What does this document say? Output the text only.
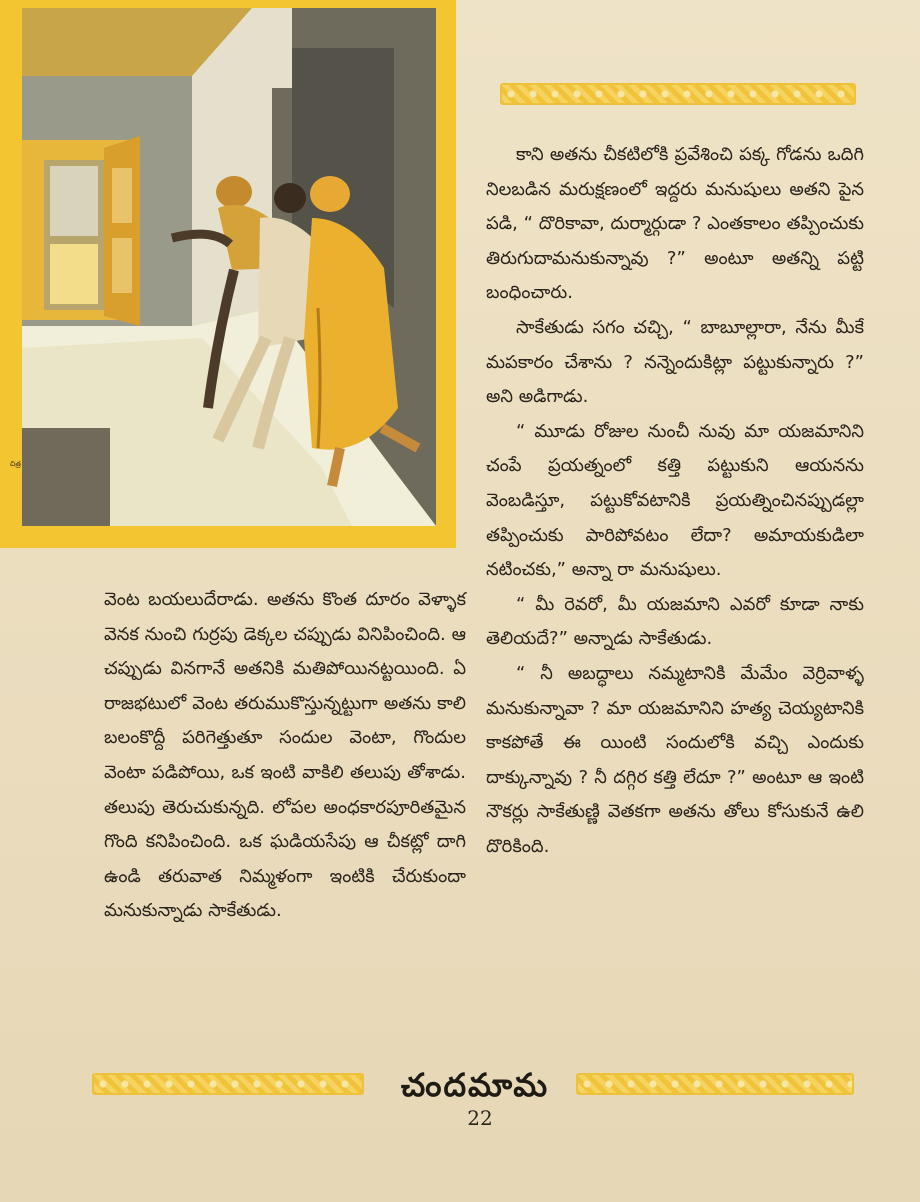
చిత్ర

కాని అతను చీకటిలోకి ప్రవేశించి పక్క గోడను ఒదిగి నిలబడిన మరుక్షణంలో ఇద్దరు మనుషులు అతని పైన పడి, “ దొరికావా, దుర్మార్గుడా ? ఎంతకాలం తప్పించుకు తిరుగుదామనుకున్నావు ?” అంటూ అతన్ని పట్టి బంధించారు.

సాకేతుడు సగం చచ్చి, “ బాబూల్లారా, నేను మీకే మపకారం చేశాను ? నన్నెందుకిట్లా పట్టుకున్నారు ?” అని అడిగాడు.

“ మూడు రోజుల నుంచీ నువు మా యజమానిని చంపే ప్రయత్నంలో కత్తి పట్టుకుని ఆయనను వెంబడిస్తూ, పట్టుకోవటానికి ప్రయత్నించినప్పుడల్లా తప్పించుకు పారిపోవటం లేదా? అమాయకుడిలా నటించకు,” అన్నా రా మనుషులు.

“ మీ రెవరో, మీ యజమాని ఎవరో కూడా నాకు తెలియదే?” అన్నాడు సాకేతుడు.

“ నీ అబద్ధాలు నమ్మటానికి మేమేం వెర్రివాళ్ళ మనుకున్నావా ? మా యజమానిని హత్య చెయ్యటానికి కాకపోతే ఈ యింటి సందులోకి వచ్చి ఎందుకు దాక్కున్నావు ? నీ దగ్గిర కత్తి లేదూ ?” అంటూ ఆ ఇంటి నౌకర్లు సాకేతుణ్ణి వెతకగా అతను తోలు కోసుకునే ఉలి దొరికింది.

వెంట బయలుదేరాడు. అతను కొంత దూరం వెళ్ళాక వెనక నుంచి గుర్రపు డెక్కల చప్పుడు వినిపించింది. ఆ చప్పుడు వినగానే అతనికి మతిపోయినట్టయింది. ఏ రాజభటులో వెంట తరుముకొస్తున్నట్టుగా అతను కాలి బలంకొద్దీ పరిగెత్తుతూ సందుల వెంటా, గొందుల వెంటా పడిపోయి, ఒక ఇంటి వాకిలి తలుపు తోశాడు. తలుపు తెరుచుకున్నది. లోపల అంధకారపూరితమైన గొంది కనిపించింది. ఒక ఘడియసేపు ఆ చీకట్లో దాగి ఉండి తరువాత నిమ్మళంగా ఇంటికి చేరుకుందా మనుకున్నాడు సాకేతుడు.

చందమామ
22
